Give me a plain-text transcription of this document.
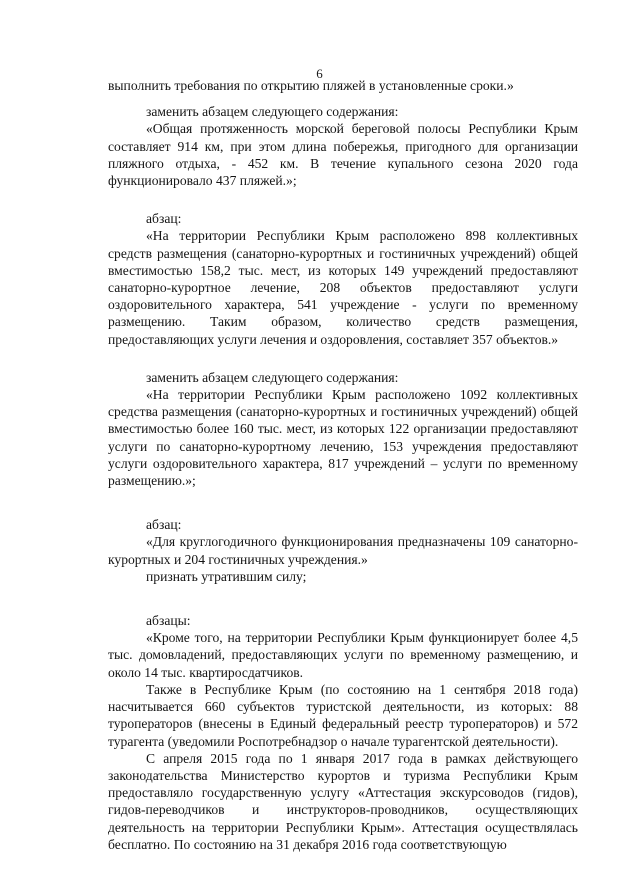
6

выполнить требования по открытию пляжей в установленные сроки.»

заменить абзацем следующего содержания:

«Общая протяженность морской береговой полосы Республики Крым составляет 914 км, при этом длина побережья, пригодного для организации пляжного отдыха, - 452 км. В течение купального сезона 2020 года функционировало 437 пляжей.»;

абзац:

«На территории Республики Крым расположено 898 коллективных средств размещения (санаторно-курортных и гостиничных учреждений) общей вместимостью 158,2 тыс. мест, из которых 149 учреждений предоставляют санаторно-курортное лечение, 208 объектов предоставляют услуги оздоровительного характера, 541 учреждение - услуги по временному размещению. Таким образом, количество средств размещения, предоставляющих услуги лечения и оздоровления, составляет 357 объектов.»

заменить абзацем следующего содержания:

«На территории Республики Крым расположено 1092 коллективных средства размещения (санаторно-курортных и гостиничных учреждений) общей вместимостью более 160 тыс. мест, из которых 122 организации предоставляют услуги по санаторно-курортному лечению, 153 учреждения предоставляют услуги оздоровительного характера, 817 учреждений – услуги по временному размещению.»;

абзац:

«Для круглогодичного функционирования предназначены 109 санаторно-курортных и 204 гостиничных учреждения.»

признать утратившим силу;

абзацы:

«Кроме того, на территории Республики Крым функционирует более 4,5 тыс. домовладений, предоставляющих услуги по временному размещению, и около 14 тыс. квартиросдатчиков.

Также в Республике Крым (по состоянию на 1 сентября 2018 года) насчитывается 660 субъектов туристской деятельности, из которых: 88 туроператоров (внесены в Единый федеральный реестр туроператоров) и 572 турагента (уведомили Роспотребнадзор о начале турагентской деятельности).

С апреля 2015 года по 1 января 2017 года в рамках действующего законодательства Министерство курортов и туризма Республики Крым предоставляло государственную услугу «Аттестация экскурсоводов (гидов), гидов-переводчиков и инструкторов-проводников, осуществляющих деятельность на территории Республики Крым». Аттестация осуществлялась бесплатно. По состоянию на 31 декабря 2016 года соответствующую
